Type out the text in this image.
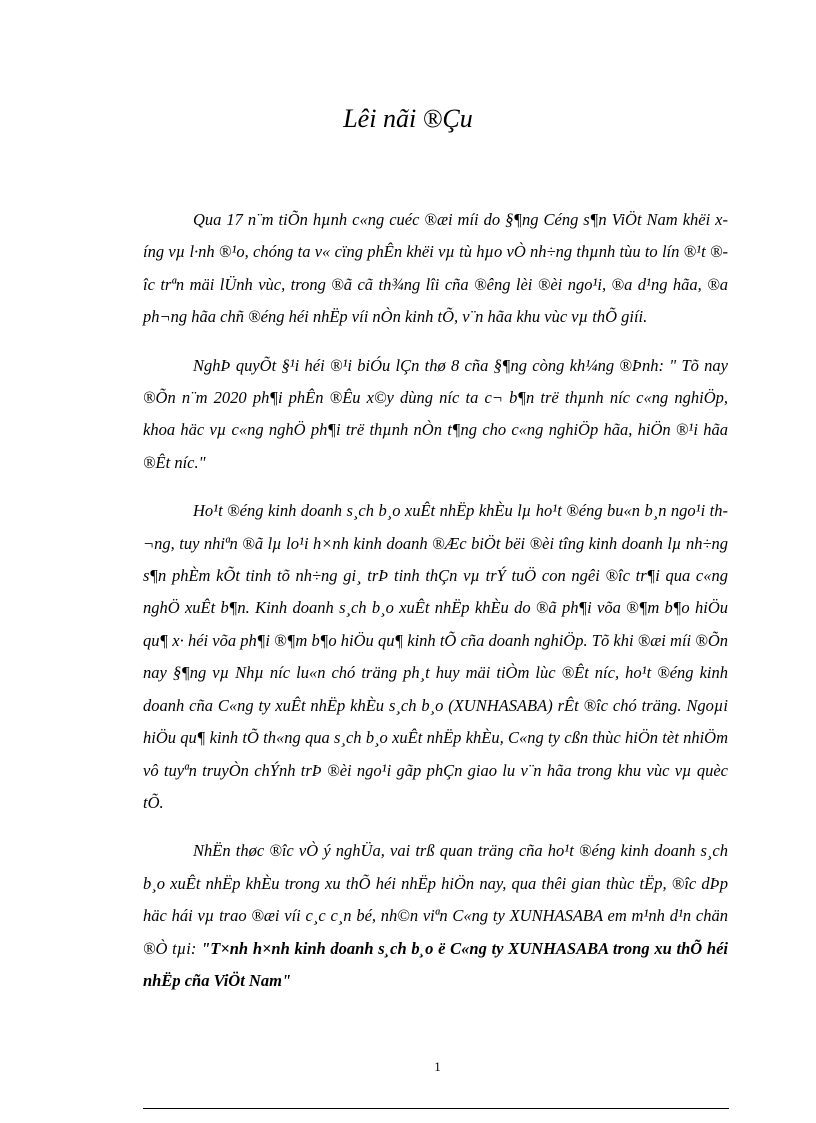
Lêi nãi ®Çu

Qua 17 n¨m tiÕn hµnh c«ng cuéc ®æi míi do §¶ng Céng s¶n ViÖt Nam khëi xíng vµ l·nh ®¹o, chóng ta v« cïng phÊn khëi vµ tù hµo vÒ nh÷ng thµnh tùu to lín ®¹t ®îc trªn mäi lÜnh vùc, trong ®ã cã th¾ng lîi cña ®êng lèi ®èi ngo¹i, ®a d¹ng hãa, ®a ph¬ng hãa chñ ®éng héi nhËp víi nÒn kinh tÕ, v¨n hãa khu vùc vµ thÕ giíi.

NghÞ quyÕt §¹i héi ®¹i biÓu lÇn thø 8 cña §¶ng còng kh¼ng ®Þnh: " Tõ nay ®Õn n¨m 2020 ph¶i phÊn ®Êu x©y dùng níc ta c¬ b¶n trë thµnh níc c«ng nghiÖp, khoa häc vµ c«ng nghÖ ph¶i trë thµnh nÒn t¶ng cho c«ng nghiÖp hãa, hiÖn ®¹i hãa ®Êt níc."

Ho¹t ®éng kinh doanh s¸ch b¸o xuÊt nhËp khÈu lµ ho¹t ®éng bu«n b¸n ngo¹i th¬ng, tuy nhiªn ®ã lµ lo¹i h×nh kinh doanh ®Æc biÖt bëi ®èi tîng kinh doanh lµ nh÷ng s¶n phÈm kÕt tinh tõ nh÷ng gi¸ trÞ tinh thÇn vµ trÝ tuÖ con ngêi ®îc tr¶i qua c«ng nghÖ xuÊt b¶n. Kinh doanh s¸ch b¸o xuÊt nhËp khÈu do ®ã ph¶i võa ®¶m b¶o hiÖu qu¶ x· héi võa ph¶i ®¶m b¶o hiÖu qu¶ kinh tÕ cña doanh nghiÖp. Tõ khi ®æi míi ®Õn nay §¶ng vµ Nhµ níc lu«n chó träng ph¸t huy mäi tiÒm lùc ®Êt níc, ho¹t ®éng kinh doanh cña C«ng ty xuÊt nhËp khÈu s¸ch b¸o (XUNHASABA) rÊt ®îc chó träng. Ngoµi hiÖu qu¶ kinh tÕ th«ng qua s¸ch b¸o xuÊt nhËp khÈu, C«ng ty cßn thùc hiÖn tèt nhiÖm vô tuyªn truyÒn chÝnh trÞ ®èi ngo¹i gãp phÇn giao lu v¨n hãa trong khu vùc vµ quèc tÕ.

NhËn thøc ®îc vÒ ý nghÜa, vai trß quan träng cña ho¹t ®éng kinh doanh s¸ch b¸o xuÊt nhËp khÈu trong xu thÕ héi nhËp hiÖn nay, qua thêi gian thùc tËp, ®îc dÞp häc hái vµ trao ®æi víi c¸c c¸n bé, nh©n viªn C«ng ty XUNHASABA em m¹nh d¹n chän ®Ò tµi: "T×nh h×nh kinh doanh s¸ch b¸o ë C«ng ty XUNHASABA trong xu thÕ héi nhËp cña ViÖt Nam"

1
